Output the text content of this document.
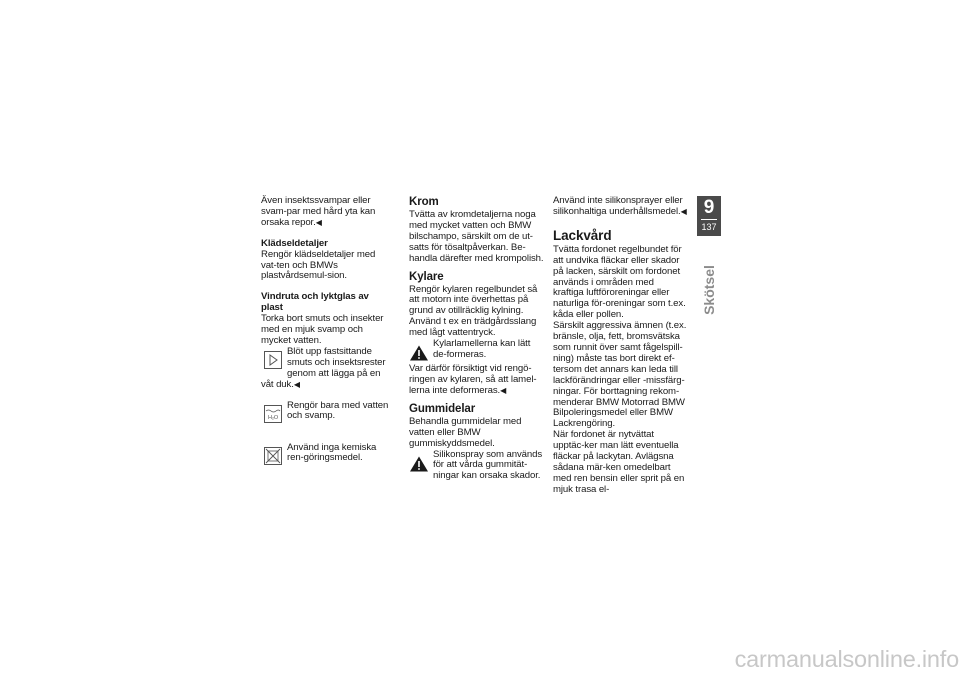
Även insektssvampar eller svam-par med hård yta kan orsaka repor.◀

Klädseldetaljer

Rengör klädseldetaljer med vat-ten och BMWs plastvårdsemul-sion.

Vindruta och lyktglas av plast

Torka bort smuts och insekter med en mjuk svamp och mycket vatten.

Blöt upp fastsittande smuts och insektsrester genom att lägga på en våt duk.◀
H₂O
Rengör bara med vatten och svamp.
Använd inga kemiska ren-göringsmedel.

Krom

Tvätta av kromdetaljerna noga med mycket vatten och BMW bilschampo, särskilt om de ut-satts för tösaltpåverkan. Be-handla därefter med krompolish.

Kylare

Rengör kylaren regelbundet så att motorn inte överhettas på grund av otillräcklig kylning. Använd t ex en trädgårdsslang med lågt vattentryck.

Kylarlamellerna kan lätt de-formeras.

Var därför försiktigt vid rengö-ringen av kylaren, så att lamel-lerna inte deformeras.◀

Gummidelar

Behandla gummidelar med vatten eller BMW gummiskyddsmedel.

Silikonspray som används för att vårda gummität-ningar kan orsaka skador.

Använd inte silikonsprayer eller silikonhaltiga underhållsmedel.◀

Lackvård

Tvätta fordonet regelbundet för att undvika fläckar eller skador på lacken, särskilt om fordonet används i områden med kraftiga luftföroreningar eller naturliga för-oreningar som t.ex. kåda eller pollen.

Särskilt aggressiva ämnen (t.ex. bränsle, olja, fett, bromsvätska som runnit över samt fågelspill-ning) måste tas bort direkt ef-tersom det annars kan leda till lackförändringar eller -missfärg-ningar. För borttagning rekom-menderar BMW Motorrad BMW Bilpoleringsmedel eller BMW Lackrengöring.

När fordonet är nytvättat upptäc-ker man lätt eventuella fläckar på lackytan. Avlägsna sådana mär-ken omedelbart med ren bensin eller sprit på en mjuk trasa el-

9
137
Skötsel
carmanualsonline.info
